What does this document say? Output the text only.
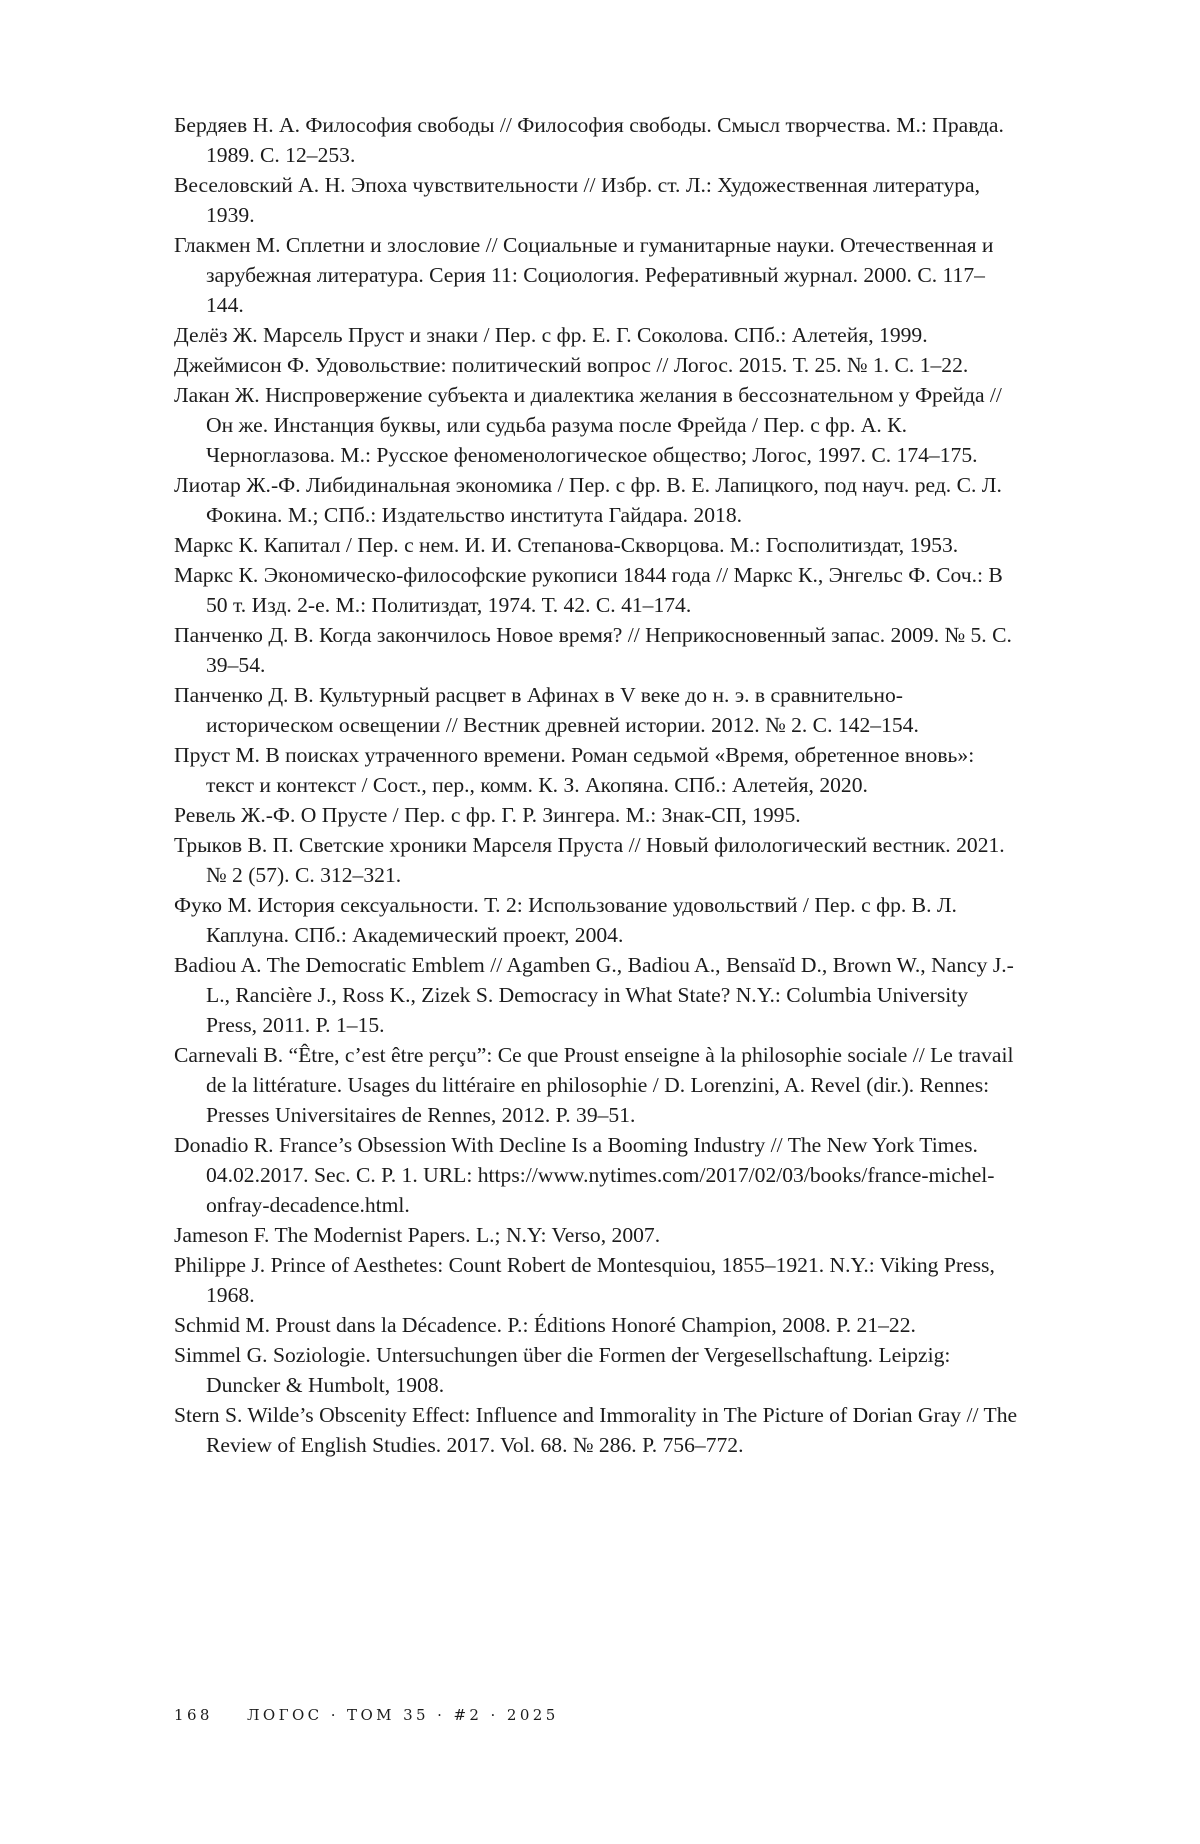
Бердяев Н. А. Философия свободы // Философия свободы. Смысл творчества. М.: Правда. 1989. С. 12–253.
Веселовский А. Н. Эпоха чувствительности // Избр. ст. Л.: Художественная литература, 1939.
Глакмен М. Сплетни и злословие // Социальные и гуманитарные науки. Отечественная и зарубежная литература. Серия 11: Социология. Реферативный журнал. 2000. С. 117–144.
Делёз Ж. Марсель Пруст и знаки / Пер. с фр. Е. Г. Соколова. СПб.: Алетейя, 1999.
Джеймисон Ф. Удовольствие: политический вопрос // Логос. 2015. Т. 25. № 1. С. 1–22.
Лакан Ж. Ниспровержение субъекта и диалектика желания в бессознательном у Фрейда // Он же. Инстанция буквы, или судьба разума после Фрейда / Пер. с фр. А. К. Черноглазова. М.: Русское феноменологическое общество; Логос, 1997. С. 174–175.
Лиотар Ж.-Ф. Либидинальная экономика / Пер. с фр. В. Е. Лапицкого, под науч. ред. С. Л. Фокина. М.; СПб.: Издательство института Гайдара. 2018.
Маркс К. Капитал / Пер. с нем. И. И. Степанова-Скворцова. М.: Госполитиздат, 1953.
Маркс К. Экономическо-философские рукописи 1844 года // Маркс К., Энгельс Ф. Соч.: В 50 т. Изд. 2-е. М.: Политиздат, 1974. Т. 42. С. 41–174.
Панченко Д. В. Когда закончилось Новое время? // Неприкосновенный запас. 2009. № 5. С. 39–54.
Панченко Д. В. Культурный расцвет в Афинах в V веке до н. э. в сравнительно-историческом освещении // Вестник древней истории. 2012. № 2. С. 142–154.
Пруст М. В поисках утраченного времени. Роман седьмой «Время, обретенное вновь»: текст и контекст / Сост., пер., комм. К. З. Акопяна. СПб.: Алетейя, 2020.
Ревель Ж.-Ф. О Прусте / Пер. с фр. Г. Р. Зингера. М.: Знак-СП, 1995.
Трыков В. П. Светские хроники Марселя Пруста // Новый филологический вестник. 2021. № 2 (57). С. 312–321.
Фуко М. История сексуальности. Т. 2: Использование удовольствий / Пер. с фр. В. Л. Каплуна. СПб.: Академический проект, 2004.
Badiou A. The Democratic Emblem // Agamben G., Badiou A., Bensaïd D., Brown W., Nancy J.-L., Rancière J., Ross K., Zizek S. Democracy in What State? N.Y.: Columbia University Press, 2011. P. 1–15.
Carnevali B. “Être, c’est être perçu”: Ce que Proust enseigne à la philosophie sociale // Le travail de la littérature. Usages du littéraire en philosophie / D. Lorenzini, A. Revel (dir.). Rennes: Presses Universitaires de Rennes, 2012. P. 39–51.
Donadio R. France’s Obsession With Decline Is a Booming Industry // The New York Times. 04.02.2017. Sec. C. P. 1. URL: https://www.nytimes.com/2017/02/03/books/france-michel-onfray-decadence.html.
Jameson F. The Modernist Papers. L.; N.Y: Verso, 2007.
Philippe J. Prince of Aesthetes: Count Robert de Montesquiou, 1855–1921. N.Y.: Viking Press, 1968.
Schmid M. Proust dans la Décadence. P.: Éditions Honoré Champion, 2008. P. 21–22.
Simmel G. Soziologie. Untersuchungen über die Formen der Vergesellschaftung. Leipzig: Duncker & Humbolt, 1908.
Stern S. Wilde’s Obscenity Effect: Influence and Immorality in The Picture of Dorian Gray // The Review of English Studies. 2017. Vol. 68. № 286. P. 756–772.
168 ЛОГОС · ТОМ 35 · #2 · 2025
